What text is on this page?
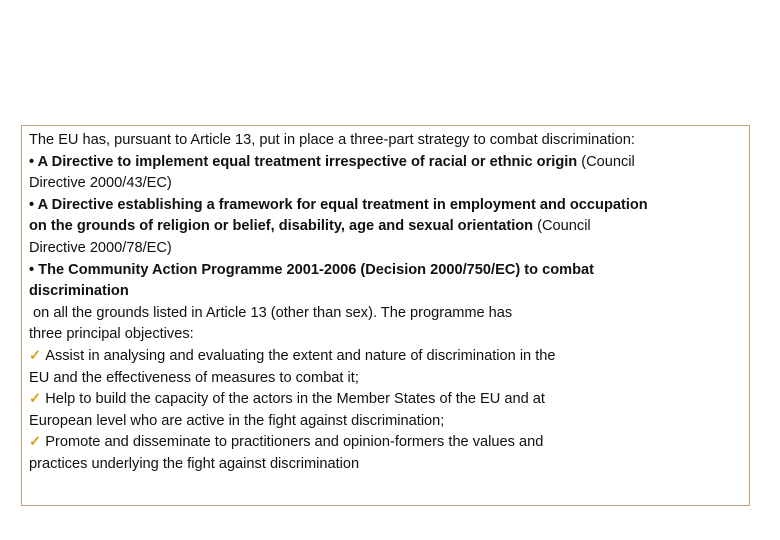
The EU has, pursuant to Article 13, put in place a three-part strategy to combat discrimination:
• A Directive to implement equal treatment irrespective of racial or ethnic origin (Council
Directive 2000/43/EC)
• A Directive establishing a framework for equal treatment in employment and occupation
on the grounds of religion or belief, disability, age and sexual orientation (Council
Directive 2000/78/EC)
• The Community Action Programme 2001-2006 (Decision 2000/750/EC) to combat
discrimination
on all the grounds listed in Article 13 (other than sex). The programme has
three principal objectives:
✓ Assist in analysing and evaluating the extent and nature of discrimination in the
EU and the effectiveness of measures to combat it;
✓ Help to build the capacity of the actors in the Member States of the EU and at
European level who are active in the fight against discrimination;
✓ Promote and disseminate to practitioners and opinion-formers the values and
practices underlying the fight against discrimination
